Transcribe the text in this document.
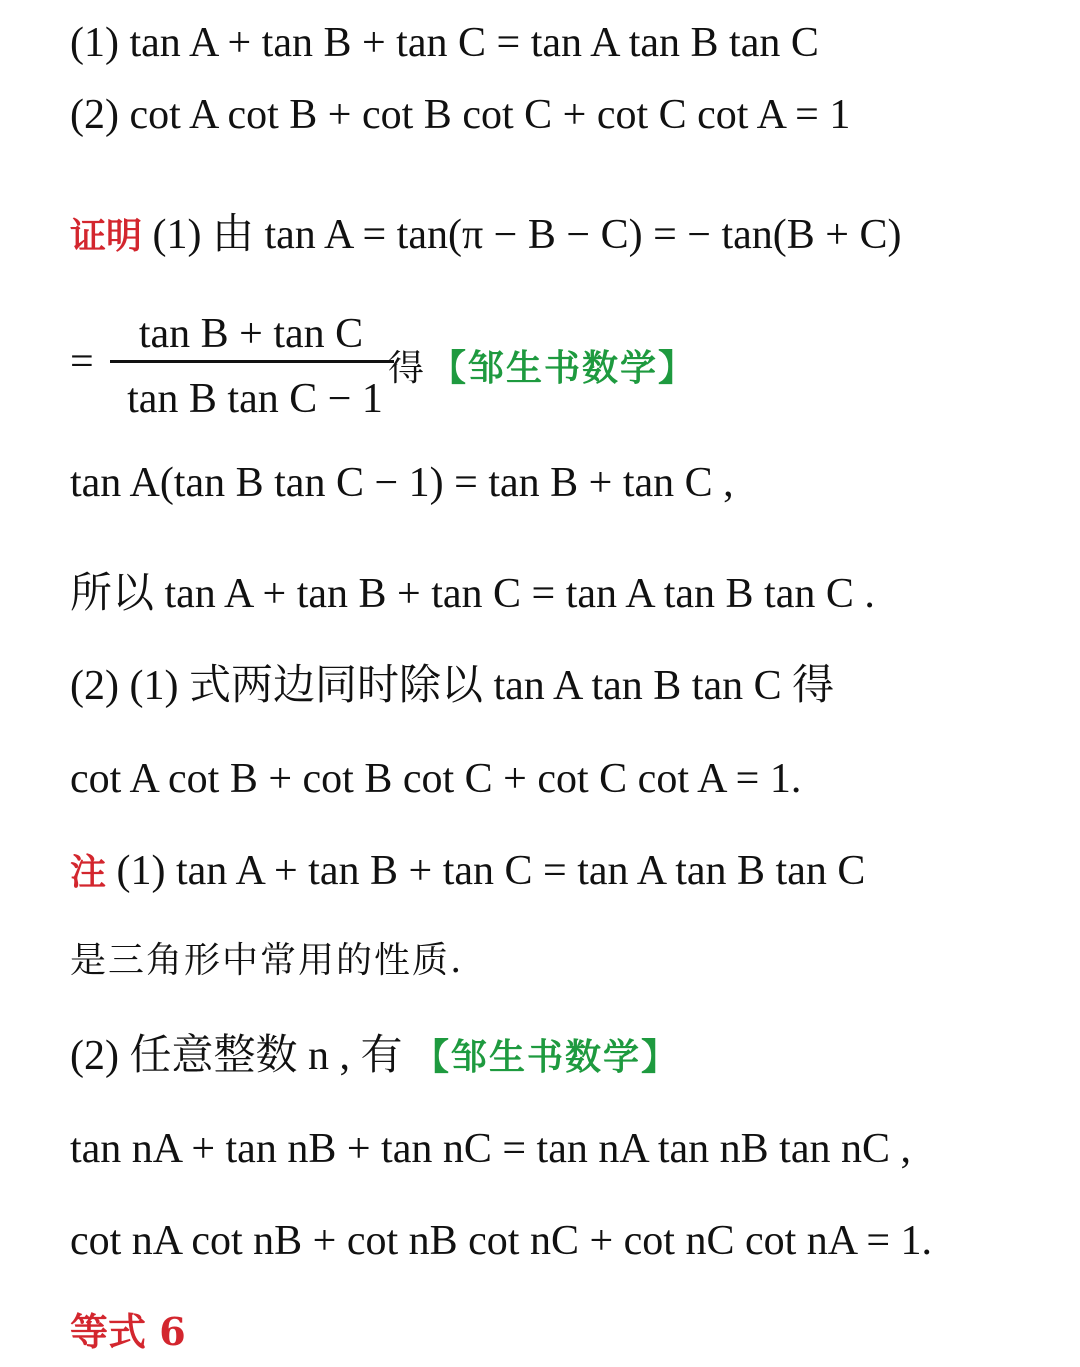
(1) tan A + tan B + tan C = tan A tan B tan C
(2) cot A cot B + cot B cot C + cot C cot A = 1
证明 (1) 由 tan A = tan(π − B − C) = − tan(B + C)
=
tan B + tan C
tan B tan C − 1
得 【邹生书数学】
tan A(tan B tan C − 1) = tan B + tan C ,
所以 tan A + tan B + tan C = tan A tan B tan C .
(2) (1) 式两边同时除以 tan A tan B tan C 得
cot A cot B + cot B cot C + cot C cot A = 1.
注 (1) tan A + tan B + tan C = tan A tan B tan C
是三角形中常用的性质.
(2) 任意整数 n , 有 【邹生书数学】
tan nA + tan nB + tan nC = tan nA tan nB tan nC ,
cot nA cot nB + cot nB cot nC + cot nC cot nA = 1.
等式 6
